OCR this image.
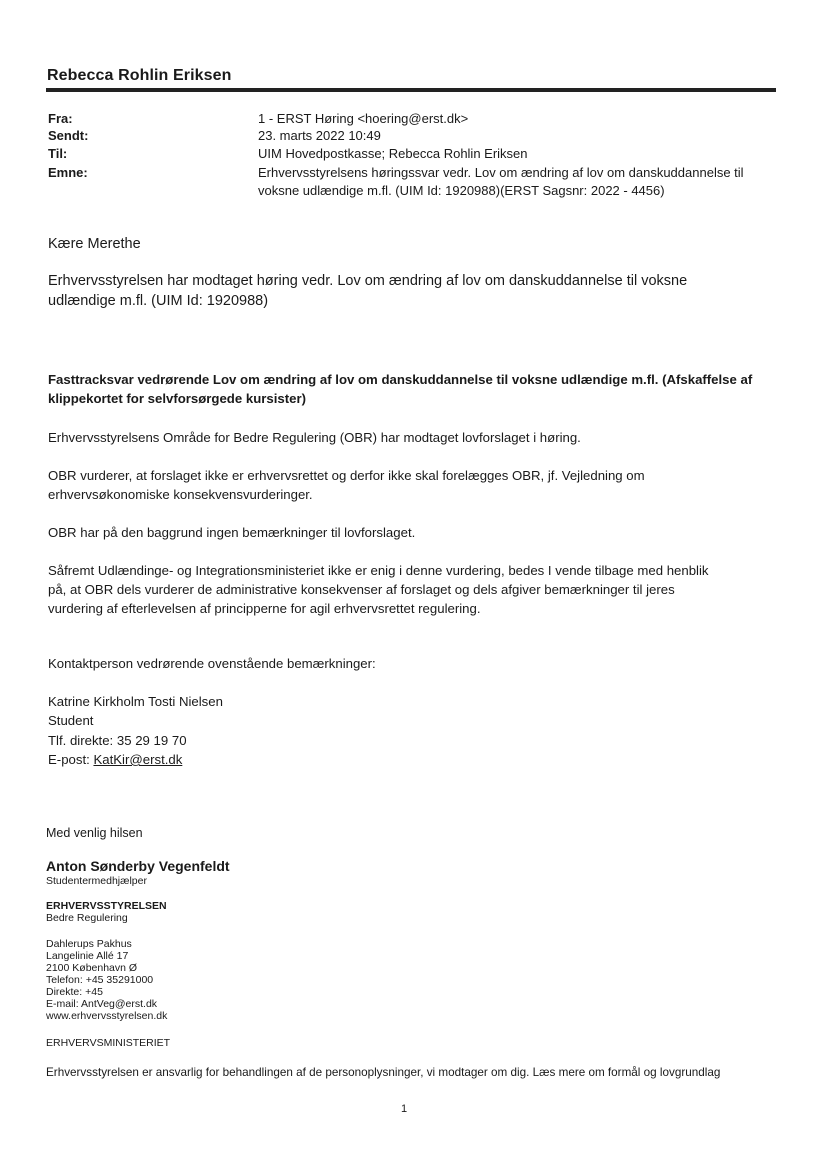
Rebecca Rohlin Eriksen
Fra:	1 - ERST Høring <hoering@erst.dk>
Sendt:	23. marts 2022 10:49
Til:	UIM Hovedpostkasse; Rebecca Rohlin Eriksen
Emne:	Erhvervsstyrelsens høringssvar vedr. Lov om ændring af lov om danskuddannelse til
voksne udlændige m.fl. (UIM Id: 1920988)(ERST Sagsnr: 2022 - 4456)
Kære Merethe
Erhvervsstyrelsen har modtaget høring vedr. Lov om ændring af lov om danskuddannelse til voksne
udlændige m.fl. (UIM Id: 1920988)
Fasttracksvar vedrørende Lov om ændring af lov om danskuddannelse til voksne udlændige m.fl. (Afskaffelse af
klippekortet for selvforsørgede kursister)
Erhvervsstyrelsens Område for Bedre Regulering (OBR) har modtaget lovforslaget i høring.
OBR vurderer, at forslaget ikke er erhvervsrettet og derfor ikke skal forelægges OBR, jf. Vejledning om
erhvervsøkonomiske konsekvensvurderinger.
OBR har på den baggrund ingen bemærkninger til lovforslaget.
Såfremt Udlændinge- og Integrationsministeriet ikke er enig i denne vurdering, bedes I vende tilbage med henblik
på, at OBR dels vurderer de administrative konsekvenser af forslaget og dels afgiver bemærkninger til jeres
vurdering af efterlevelsen af principperne for agil erhvervsrettet regulering.
Kontaktperson vedrørende ovenstående bemærkninger:
Katrine Kirkholm Tosti Nielsen
Student
Tlf. direkte: 35 29 19 70
E-post: KatKir@erst.dk
Med venlig hilsen
Anton Sønderby Vegenfeldt
Studentermedhjælper
ERHVERVSSTYRELSEN
Bedre Regulering
Dahlerups Pakhus
Langelinie Allé 17
2100 København Ø
Telefon: +45 35291000
Direkte: +45
E-mail: AntVeg@erst.dk
www.erhvervsstyrelsen.dk
ERHVERVSMINISTERIET
Erhvervsstyrelsen er ansvarlig for behandlingen af de personoplysninger, vi modtager om dig. Læs mere om formål og lovgrundlag
1
